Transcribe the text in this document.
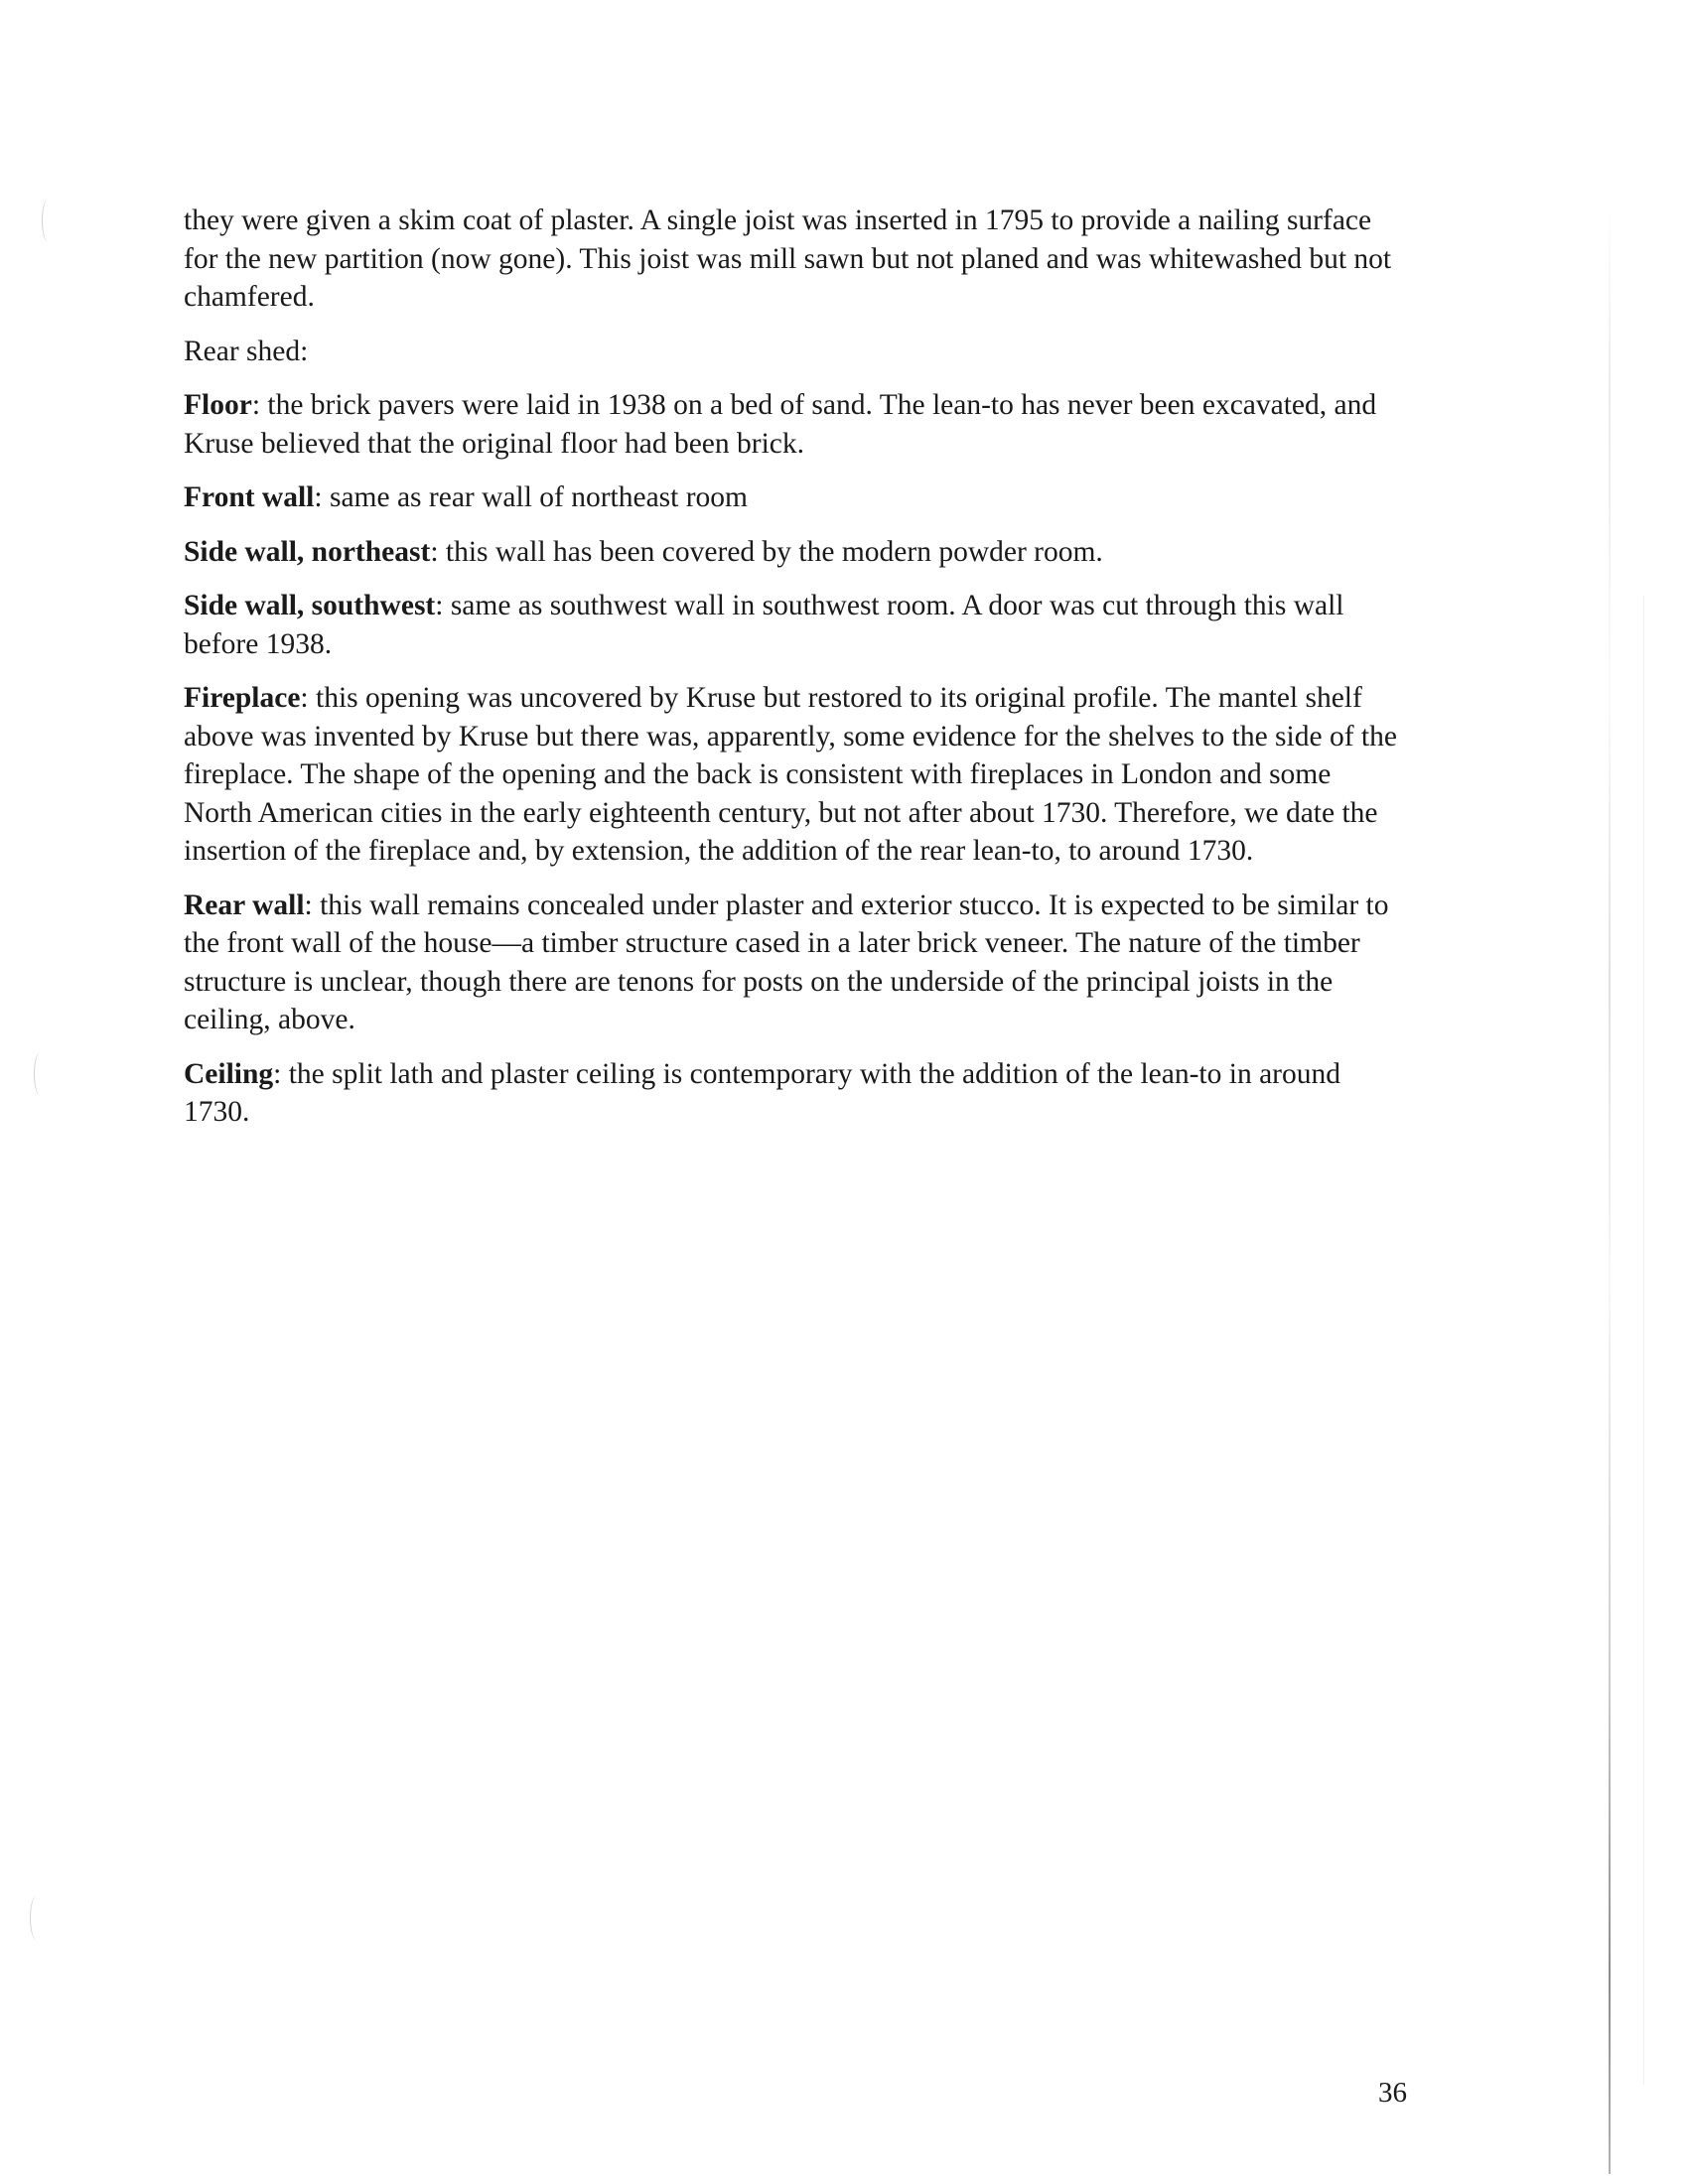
they were given a skim coat of plaster. A single joist was inserted in 1795 to provide a nailing surface for the new partition (now gone). This joist was mill sawn but not planed and was whitewashed but not chamfered.

Rear shed:

Floor: the brick pavers were laid in 1938 on a bed of sand. The lean-to has never been excavated, and Kruse believed that the original floor had been brick.

Front wall: same as rear wall of northeast room

Side wall, northeast: this wall has been covered by the modern powder room.

Side wall, southwest: same as southwest wall in southwest room. A door was cut through this wall before 1938.

Fireplace: this opening was uncovered by Kruse but restored to its original profile. The mantel shelf above was invented by Kruse but there was, apparently, some evidence for the shelves to the side of the fireplace. The shape of the opening and the back is consistent with fireplaces in London and some North American cities in the early eighteenth century, but not after about 1730. Therefore, we date the insertion of the fireplace and, by extension, the addition of the rear lean-to, to around 1730.

Rear wall: this wall remains concealed under plaster and exterior stucco. It is expected to be similar to the front wall of the house—a timber structure cased in a later brick veneer. The nature of the timber structure is unclear, though there are tenons for posts on the underside of the principal joists in the ceiling, above.

Ceiling: the split lath and plaster ceiling is contemporary with the addition of the lean-to in around 1730.

36
